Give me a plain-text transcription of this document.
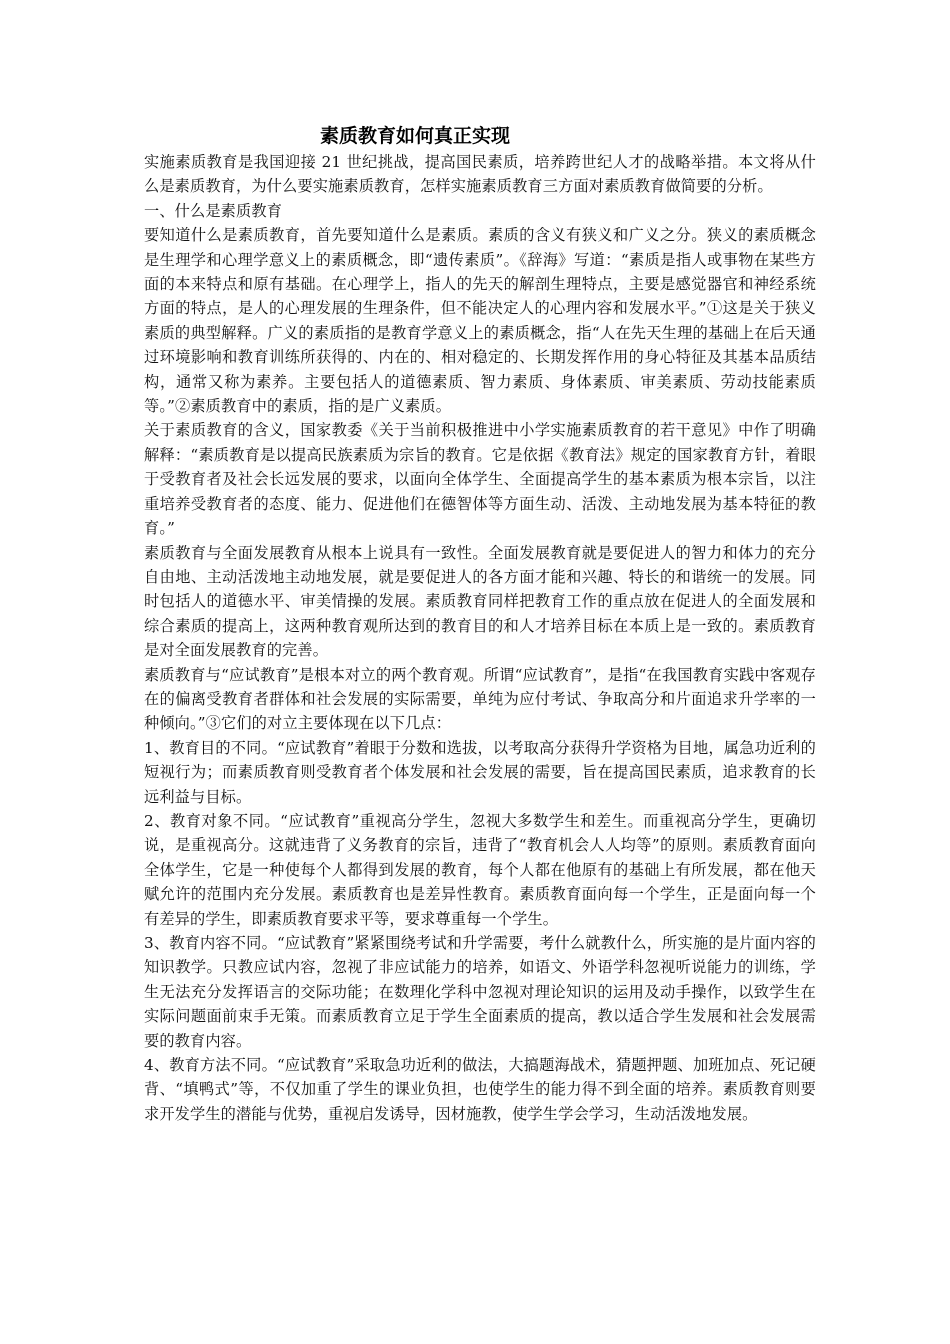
素质教育如何真正实现

实施素质教育是我国迎接 21 世纪挑战，提高国民素质，培养跨世纪人才的战略举措。本文将从什么是素质教育，为什么要实施素质教育，怎样实施素质教育三方面对素质教育做简要的分析。

一、什么是素质教育

要知道什么是素质教育，首先要知道什么是素质。素质的含义有狭义和广义之分。狭义的素质概念是生理学和心理学意义上的素质概念，即“遗传素质”。《辞海》写道：“素质是指人或事物在某些方面的本来特点和原有基础。在心理学上，指人的先天的解剖生理特点，主要是感觉器官和神经系统方面的特点，是人的心理发展的生理条件，但不能决定人的心理内容和发展水平。”①这是关于狭义素质的典型解释。广义的素质指的是教育学意义上的素质概念，指“人在先天生理的基础上在后天通过环境影响和教育训练所获得的、内在的、相对稳定的、长期发挥作用的身心特征及其基本品质结构，通常又称为素养。主要包括人的道德素质、智力素质、身体素质、审美素质、劳动技能素质等。”②素质教育中的素质，指的是广义素质。

关于素质教育的含义，国家教委《关于当前积极推进中小学实施素质教育的若干意见》中作了明确解释：“素质教育是以提高民族素质为宗旨的教育。它是依据《教育法》规定的国家教育方针，着眼于受教育者及社会长远发展的要求，以面向全体学生、全面提高学生的基本素质为根本宗旨，以注重培养受教育者的态度、能力、促进他们在德智体等方面生动、活泼、主动地发展为基本特征的教育。”

素质教育与全面发展教育从根本上说具有一致性。全面发展教育就是要促进人的智力和体力的充分自由地、主动活泼地主动地发展，就是要促进人的各方面才能和兴趣、特长的和谐统一的发展。同时包括人的道德水平、审美情操的发展。素质教育同样把教育工作的重点放在促进人的全面发展和综合素质的提高上，这两种教育观所达到的教育目的和人才培养目标在本质上是一致的。素质教育是对全面发展教育的完善。

素质教育与“应试教育”是根本对立的两个教育观。所谓“应试教育”，是指“在我国教育实践中客观存在的偏离受教育者群体和社会发展的实际需要，单纯为应付考试、争取高分和片面追求升学率的一种倾向。”③它们的对立主要体现在以下几点：

1、教育目的不同。“应试教育”着眼于分数和选拔，以考取高分获得升学资格为目地，属急功近利的短视行为；而素质教育则受教育者个体发展和社会发展的需要，旨在提高国民素质，追求教育的长远利益与目标。

2、教育对象不同。“应试教育”重视高分学生，忽视大多数学生和差生。而重视高分学生，更确切说，是重视高分。这就违背了义务教育的宗旨，违背了“教育机会人人均等”的原则。素质教育面向全体学生，它是一种使每个人都得到发展的教育，每个人都在他原有的基础上有所发展，都在他天赋允许的范围内充分发展。素质教育也是差异性教育。素质教育面向每一个学生，正是面向每一个有差异的学生，即素质教育要求平等，要求尊重每一个学生。

3、教育内容不同。“应试教育”紧紧围绕考试和升学需要，考什么就教什么，所实施的是片面内容的知识教学。只教应试内容，忽视了非应试能力的培养，如语文、外语学科忽视听说能力的训练，学生无法充分发挥语言的交际功能；在数理化学科中忽视对理论知识的运用及动手操作，以致学生在实际问题面前束手无策。而素质教育立足于学生全面素质的提高，教以适合学生发展和社会发展需要的教育内容。

4、教育方法不同。“应试教育”采取急功近利的做法，大搞题海战术，猜题押题、加班加点、死记硬背、“填鸭式”等，不仅加重了学生的课业负担，也使学生的能力得不到全面的培养。素质教育则要求开发学生的潜能与优势，重视启发诱导，因材施教，使学生学会学习，生动活泼地发展。
